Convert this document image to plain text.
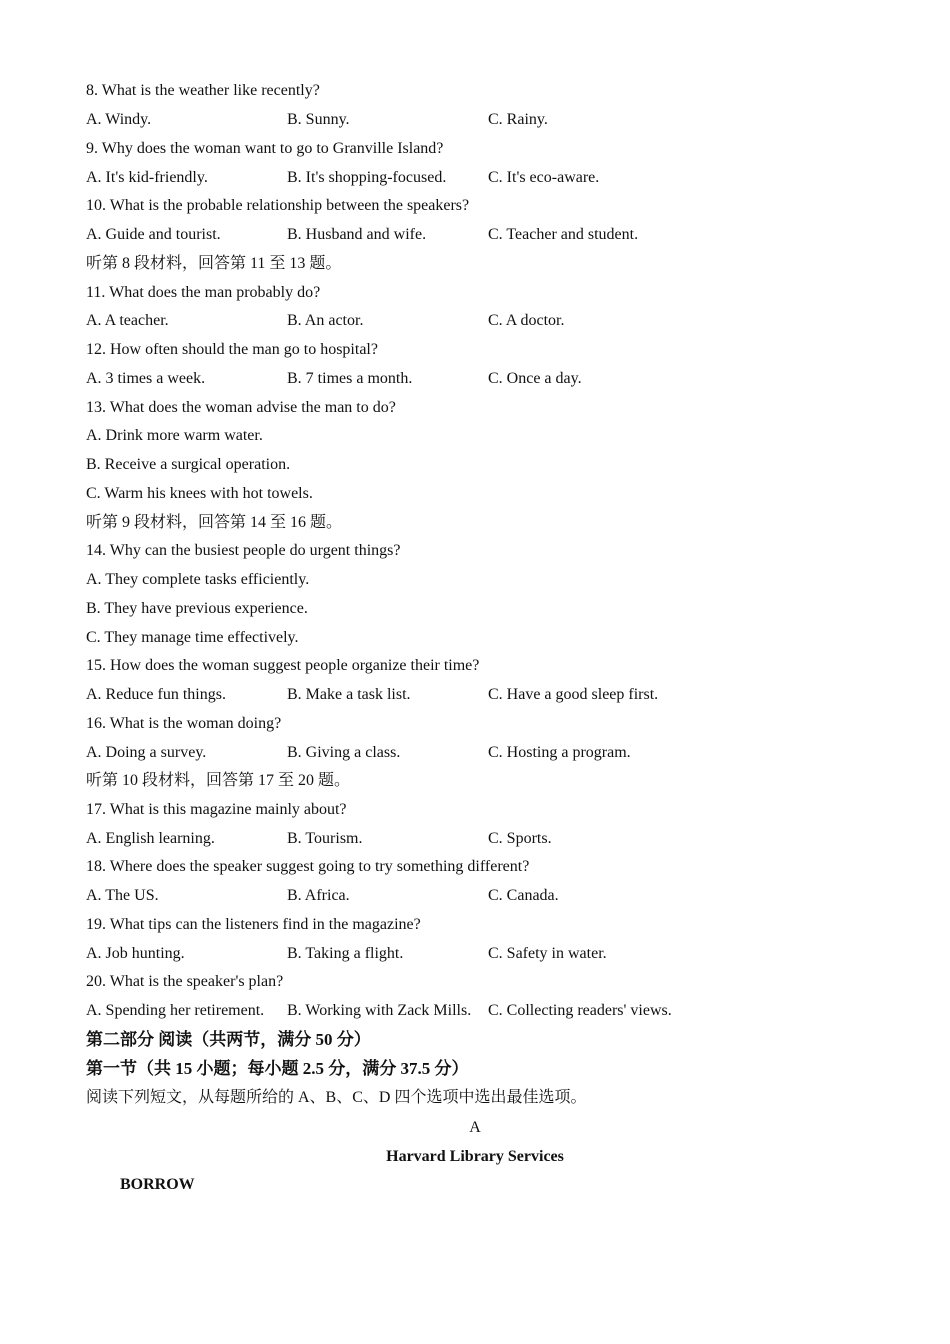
8. What is the weather like recently?
A. Windy.	B. Sunny.	C. Rainy.
9. Why does the woman want to go to Granville Island?
A. It's kid-friendly.	B. It's shopping-focused.	C. It's eco-aware.
10. What is the probable relationship between the speakers?
A. Guide and tourist.	B. Husband and wife.	C. Teacher and student.
听第 8 段材料，回答第 11 至 13 题。
11. What does the man probably do?
A. A teacher.	B. An actor.	C. A doctor.
12. How often should the man go to hospital?
A. 3 times a week.	B. 7 times a month.	C. Once a day.
13. What does the woman advise the man to do?
A. Drink more warm water.
B. Receive a surgical operation.
C. Warm his knees with hot towels.
听第 9 段材料，回答第 14 至 16 题。
14. Why can the busiest people do urgent things?
A. They complete tasks efficiently.
B. They have previous experience.
C. They manage time effectively.
15. How does the woman suggest people organize their time?
A. Reduce fun things.	B. Make a task list.	C. Have a good sleep first.
16. What is the woman doing?
A. Doing a survey.	B. Giving a class.	C. Hosting a program.
听第 10 段材料，回答第 17 至 20 题。
17. What is this magazine mainly about?
A. English learning.	B. Tourism.	C. Sports.
18. Where does the speaker suggest going to try something different?
A. The US.	B. Africa.	C. Canada.
19. What tips can the listeners find in the magazine?
A. Job hunting.	B. Taking a flight.	C. Safety in water.
20. What is the speaker's plan?
A. Spending her retirement. B. Working with Zack Mills. C. Collecting readers' views.
第二部分 阅读（共两节，满分 50 分）
第一节（共 15 小题；每小题 2.5 分，满分 37.5 分）
阅读下列短文，从每题所给的 A、B、C、D 四个选项中选出最佳选项。
A
Harvard Library Services
BORROW
